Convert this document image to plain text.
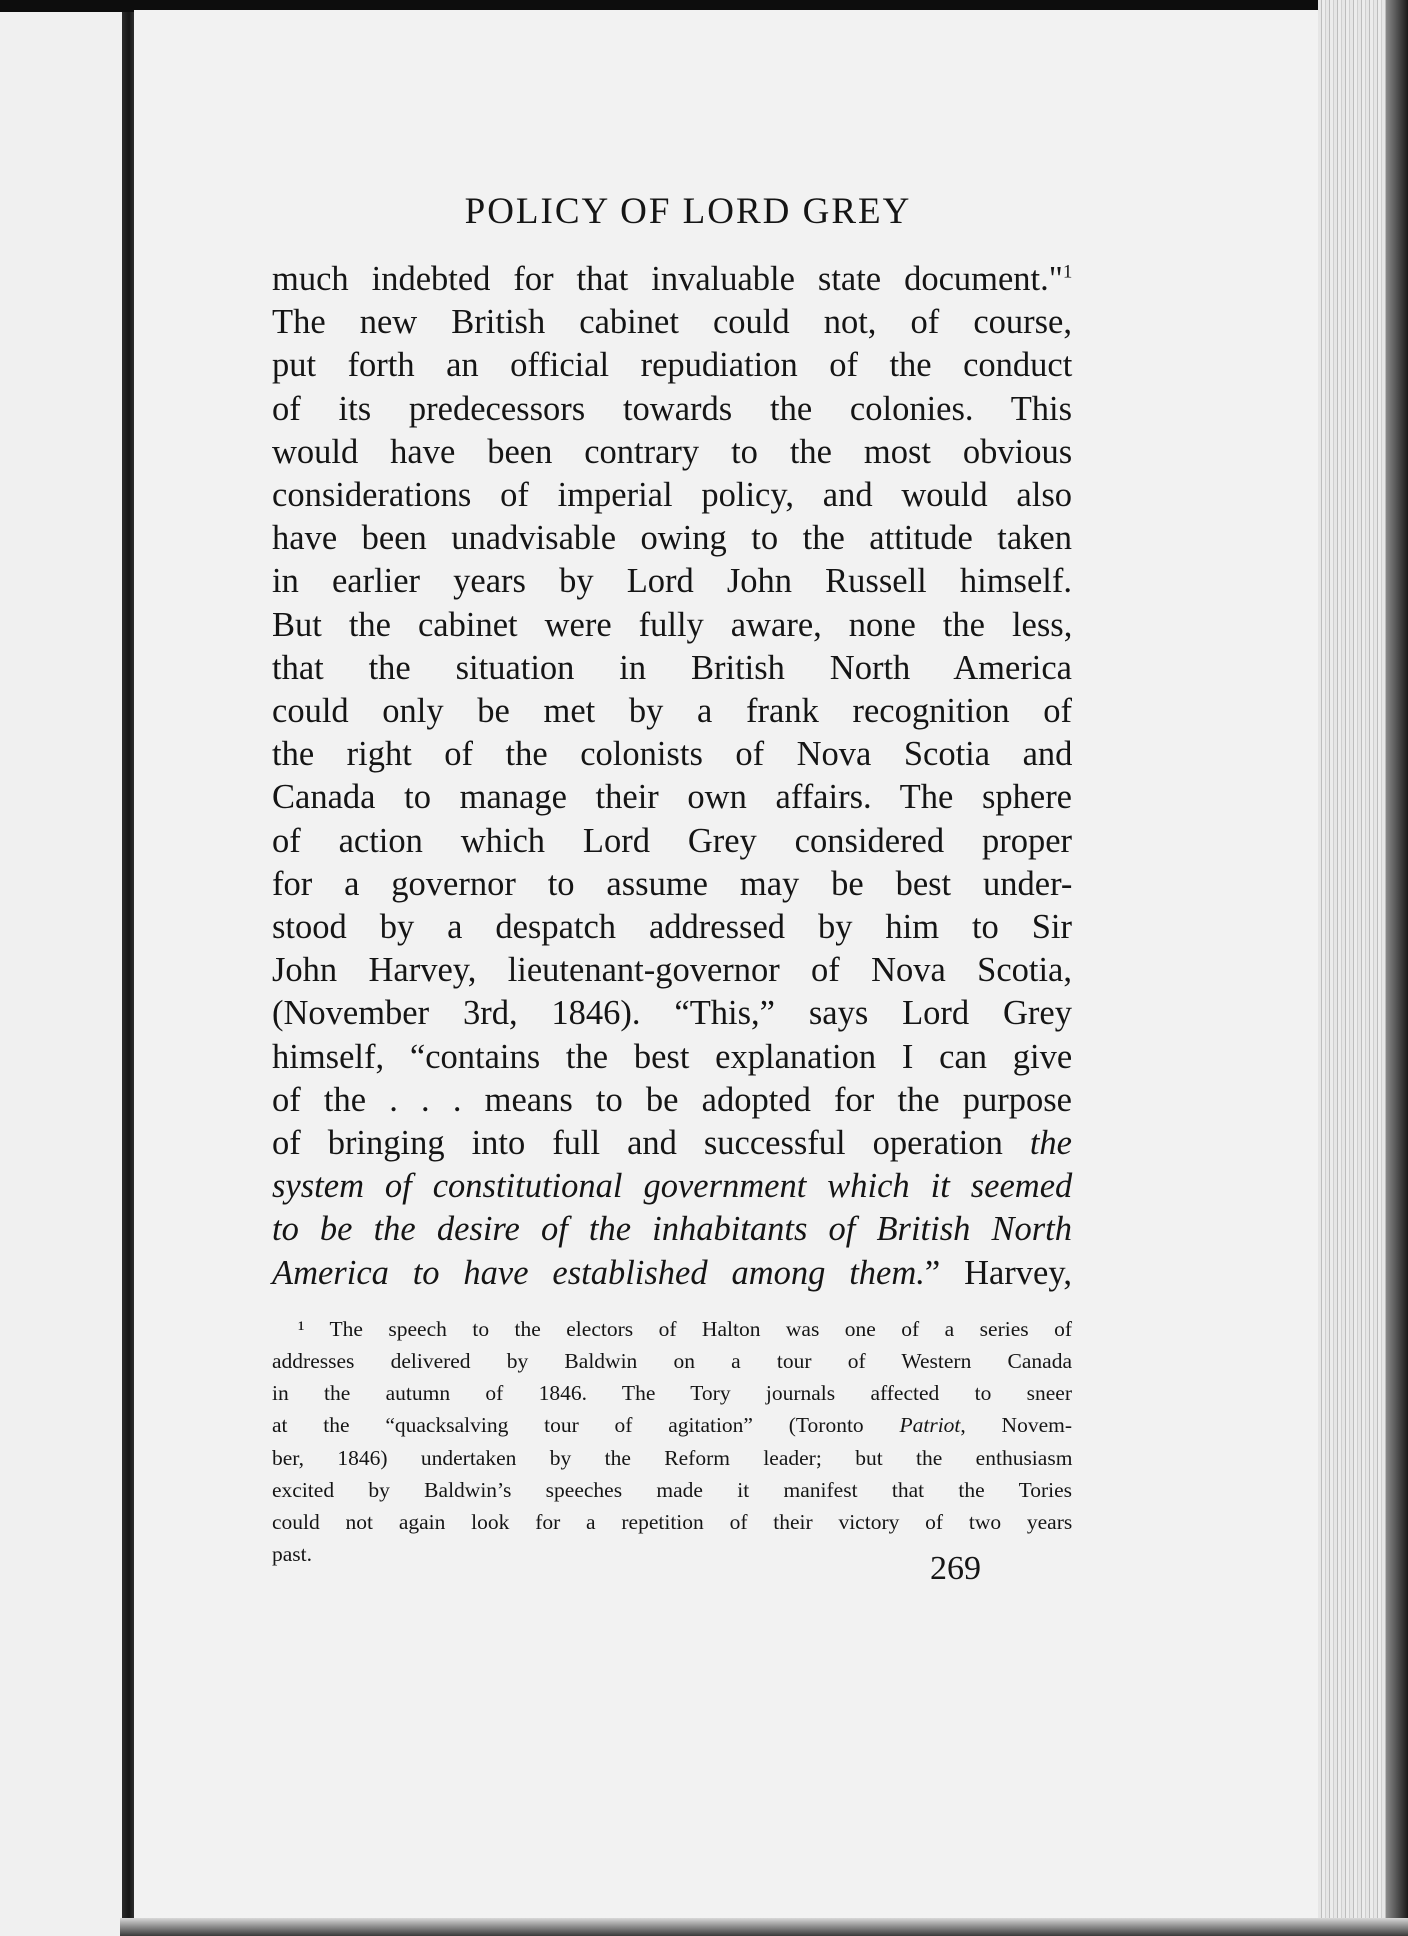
POLICY OF LORD GREY
much indebted for that invaluable state document."$^1$
The new British cabinet could not, of course,
put forth an official repudiation of the conduct
of its predecessors towards the colonies. This
would have been contrary to the most obvious
considerations of imperial policy, and would also
have been unadvisable owing to the attitude taken
in earlier years by Lord John Russell himself.
But the cabinet were fully aware, none the less,
that the situation in British North America
could only be met by a frank recognition of
the right of the colonists of Nova Scotia and
Canada to manage their own affairs. The sphere
of action which Lord Grey considered proper
for a governor to assume may be best under-
stood by a despatch addressed by him to Sir
John Harvey, lieutenant-governor of Nova Scotia,
(November 3rd, 1846). “This,” says Lord Grey
himself, “contains the best explanation I can give
of the . . . means to be adopted for the purpose
of bringing into full and successful operation the
system of constitutional government which it seemed
to be the desire of the inhabitants of British North
America to have established among them.” Harvey,
¹ The speech to the electors of Halton was one of a series of
addresses delivered by Baldwin on a tour of Western Canada
in the autumn of 1846. The Tory journals affected to sneer
at the “quacksalving tour of agitation” (Toronto Patriot, Novem-
ber, 1846) undertaken by the Reform leader; but the enthusiasm
excited by Baldwin’s speeches made it manifest that the Tories
could not again look for a repetition of their victory of two years
past.	269
